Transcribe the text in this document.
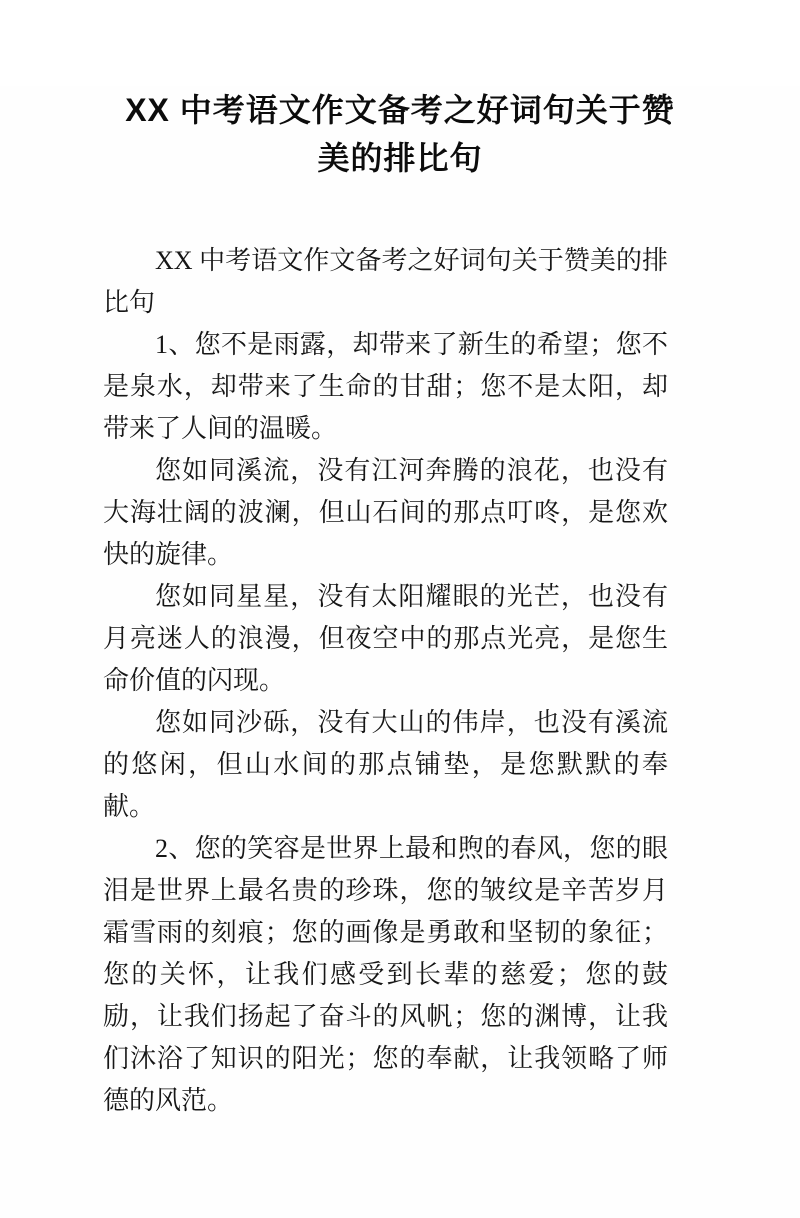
XX 中考语文作文备考之好词句关于赞
美的排比句

XX 中考语文作文备考之好词句关于赞美的排比句

1、您不是雨露，却带来了新生的希望；您不是泉水，却带来了生命的甘甜；您不是太阳，却带来了人间的温暖。

您如同溪流，没有江河奔腾的浪花，也没有大海壮阔的波澜，但山石间的那点叮咚，是您欢快的旋律。

您如同星星，没有太阳耀眼的光芒，也没有月亮迷人的浪漫，但夜空中的那点光亮，是您生命价值的闪现。

您如同沙砾，没有大山的伟岸，也没有溪流的悠闲，但山水间的那点铺垫，是您默默的奉献。

2、您的笑容是世界上最和煦的春风，您的眼泪是世界上最名贵的珍珠，您的皱纹是辛苦岁月霜雪雨的刻痕；您的画像是勇敢和坚韧的象征；您的关怀，让我们感受到长辈的慈爱；您的鼓励，让我们扬起了奋斗的风帆；您的渊博，让我们沐浴了知识的阳光；您的奉献，让我领略了师德的风范。
